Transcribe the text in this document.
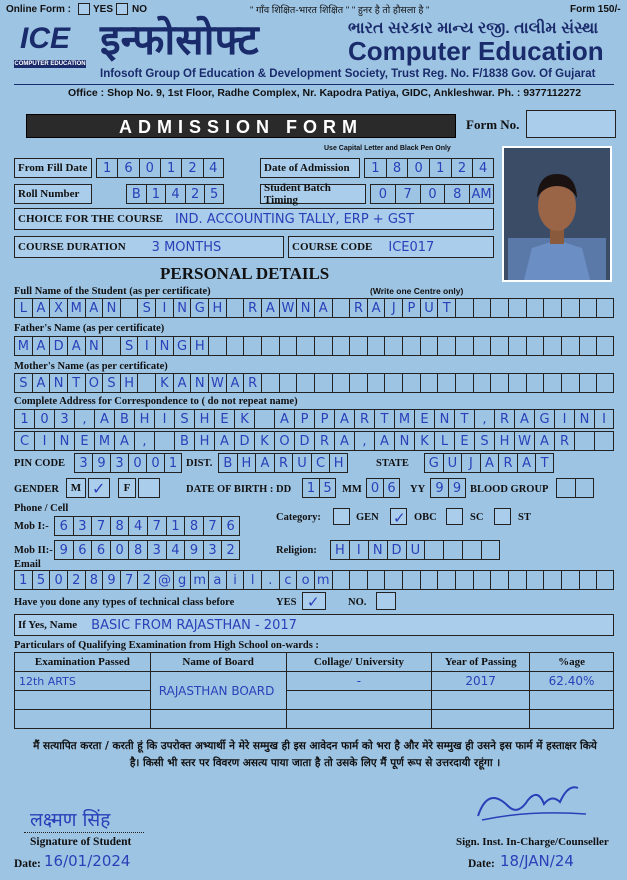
Online Form : YES NO	" गाँव शिक्षित-भारत शिक्षित " " हुनर है तो हौसला है "	Form 150/-
ICE
COMPUTER EDUCATION इन्फोसोफ्ट	ભારત સરકાર માન્ય રજી. તાલીમ સંસ્થા
Computer Education
Infosoft Group Of Education & Development Society, Trust Reg. No. F/1838 Gov. Of Gujarat
Office : Shop No. 9, 1st Floor, Radhe Complex, Nr. Kapodra Patiya, GIDC, Ankleshwar. Ph. : 9377112272
ADMISSION FORM	Form No.
Use Capital Letter and Black Pen Only
From Fill Date	1	6	0	1	2 4	Date of Admission	1	8	0	1	2 4
Roll Number	B 1 4 2 5	Student Batch Timing	0	7	0	8 AM
CHOICE FOR THE COURSE IND. ACCOUNTING TALLY, ERP + GST
COURSE DURATION 3 MONTHS	COURSE CODE ICE017
PERSONAL DETAILS
Full Name of the Student (as per certificate)	(Write one Centre only)
L A X M A N	S I N G H	R A W N A	R A J P U T
Father's Name (as per certificate)
M A D A N	S I N G H
Mother's Name (as per certificate)
S A N T O S H	K A N W A R
Complete Address for Correspondence to ( do not repeat name)
1 0 3	,	A B H	I	S H E K	A P P A R T M E N T	,	R A G	I	N I
C	I	N E M A	,	B H A D K O D R A	,	A N K L E S H W A R
PIN CODE	3 9 3 0 0 1 DIST. B H A R U C H	STATE	G U J A R A T
GENDER	M ✓	F	DATE OF BIRTH : DD	1 5 MM 0 6	YY 9 9 BLOOD GROUP
Phone / Cell
Mob I:- 6 3 7 8 4 7 1 8 7 6
Mob II:- 9 6 6 0 8 3 4 9 3 2
Category:	GEN ✓ OBC	SC	ST
Religion:	H I N D U
Email
1 5 0 2 8 9 7 2 @ g m a i	l	. c o m
Have you done any types of technical class before	YES ✓	NO.
If Yes, Name BASIC FROM RAJASTHAN - 2017
Particulars of Qualifying Examination from High School on-wards :
Examination Passed	Name of Board	Collage/ University	Year of Passing	%age
12th ARTS	RAJASTHAN BOARD	-	2017	62.40%

मैं सत्यापित करता / करती हूं कि उपरोक्त अभ्यार्थी ने मेरे सम्मुख ही इस आवेदन फार्म को भरा है और मेरे सम्मुख ही उसने इस फार्म में हस्ताक्षर किये है। किसी भी स्तर पर विवरण असत्य पाया जाता है तो उसके लिए मैं पूर्ण रूप से उत्तरदायी रहूंगा ।
लक्ष्मण सिंह
Signature of Student
Date: 16/01/2024
Sign. Inst. In-Charge/Counseller
Date: 18/JAN/24
